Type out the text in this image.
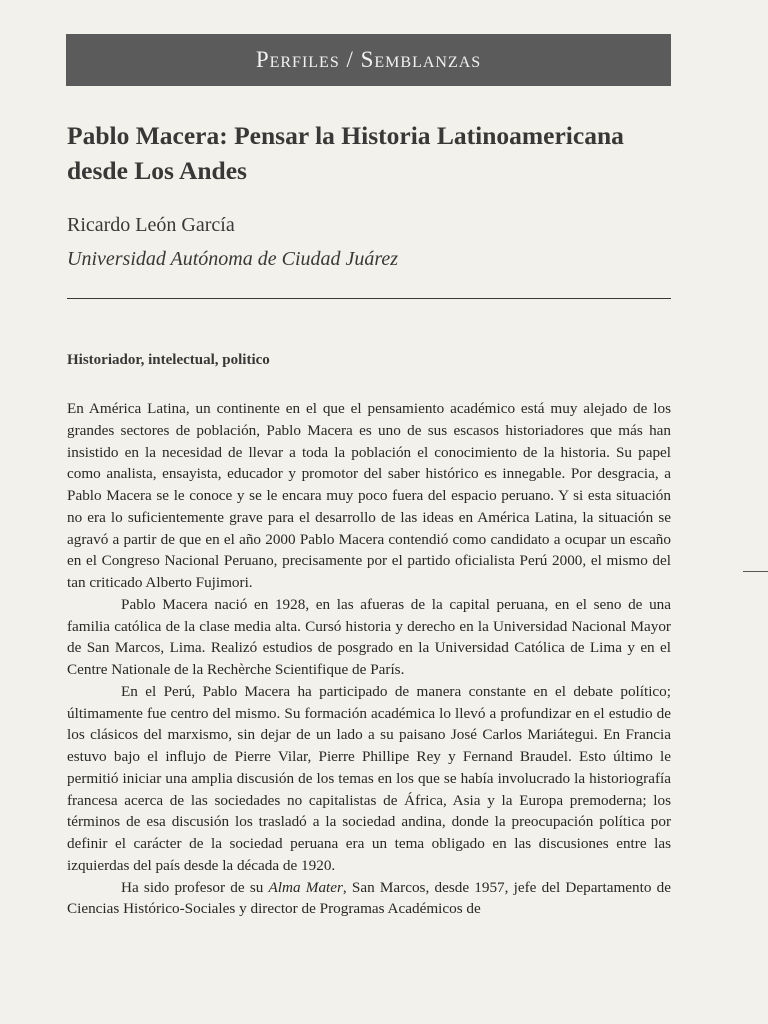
Perfiles / Semblanzas
Pablo Macera: Pensar la Historia Latinoamericana desde Los Andes

Ricardo León García

Universidad Autónoma de Ciudad Juárez

Historiador, intelectual, politico

En América Latina, un continente en el que el pensamiento académico está muy alejado de los grandes sectores de población, Pablo Macera es uno de sus escasos historiadores que más han insistido en la necesidad de llevar a toda la población el conocimiento de la historia. Su papel como analista, ensayista, educador y promotor del saber histórico es innegable. Por desgracia, a Pablo Macera se le conoce y se le encara muy poco fuera del espacio peruano. Y si esta situación no era lo suficientemente grave para el desarrollo de las ideas en América Latina, la situación se agravó a partir de que en el año 2000 Pablo Macera contendió como candidato a ocupar un escaño en el Congreso Nacional Peruano, precisamente por el partido oficialista Perú 2000, el mismo del tan criticado Alberto Fujimori.

Pablo Macera nació en 1928, en las afueras de la capital peruana, en el seno de una familia católica de la clase media alta. Cursó historia y derecho en la Universidad Nacional Mayor de San Marcos, Lima. Realizó estudios de posgrado en la Universidad Católica de Lima y en el Centre Nationale de la Rechèrche Scientifique de París.

En el Perú, Pablo Macera ha participado de manera constante en el debate político; últimamente fue centro del mismo. Su formación académica lo llevó a profundizar en el estudio de los clásicos del marxismo, sin dejar de un lado a su paisano José Carlos Mariátegui. En Francia estuvo bajo el influjo de Pierre Vilar, Pierre Phillipe Rey y Fernand Braudel. Esto último le permitió iniciar una amplia discusión de los temas en los que se había involucrado la historiografía francesa acerca de las sociedades no capitalistas de África, Asia y la Europa premoderna; los términos de esa discusión los trasladó a la sociedad andina, donde la preocupación política por definir el carácter de la sociedad peruana era un tema obligado en las discusiones entre las izquierdas del país desde la década de 1920.

Ha sido profesor de su Alma Mater, San Marcos, desde 1957, jefe del Departamento de Ciencias Histórico-Sociales y director de Programas Académicos de
